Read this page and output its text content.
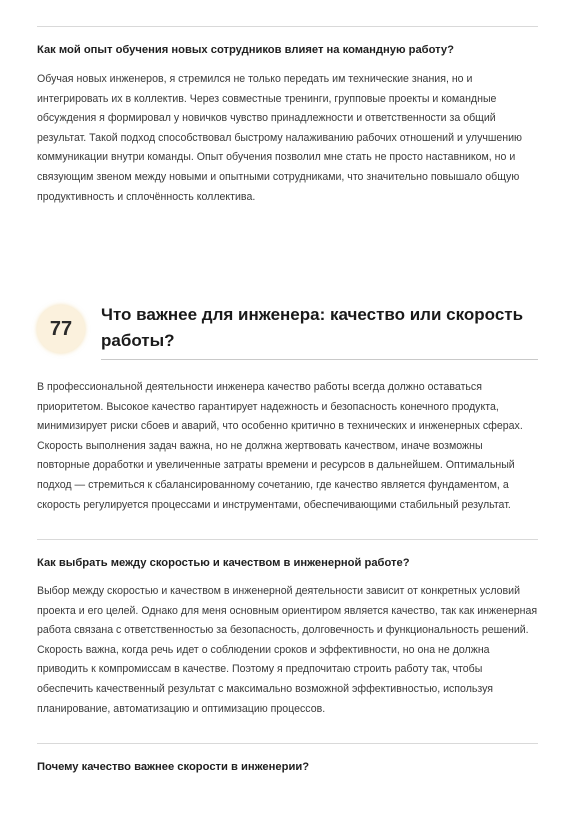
Как мой опыт обучения новых сотрудников влияет на командную работу?

Обучая новых инженеров, я стремился не только передать им технические знания, но и интегрировать их в коллектив. Через совместные тренинги, групповые проекты и командные обсуждения я формировал у новичков чувство принадлежности и ответственности за общий результат. Такой подход способствовал быстрому налаживанию рабочих отношений и улучшению коммуникации внутри команды. Опыт обучения позволил мне стать не просто наставником, но и связующим звеном между новыми и опытными сотрудниками, что значительно повышало общую продуктивность и сплочённость коллектива.

77
Что важнее для инженера: качество или скорость работы?

В профессиональной деятельности инженера качество работы всегда должно оставаться приоритетом. Высокое качество гарантирует надежность и безопасность конечного продукта, минимизирует риски сбоев и аварий, что особенно критично в технических и инженерных сферах. Скорость выполнения задач важна, но не должна жертвовать качеством, иначе возможны повторные доработки и увеличенные затраты времени и ресурсов в дальнейшем. Оптимальный подход — стремиться к сбалансированному сочетанию, где качество является фундаментом, а скорость регулируется процессами и инструментами, обеспечивающими стабильный результат.

Как выбрать между скоростью и качеством в инженерной работе?

Выбор между скоростью и качеством в инженерной деятельности зависит от конкретных условий проекта и его целей. Однако для меня основным ориентиром является качество, так как инженерная работа связана с ответственностью за безопасность, долговечность и функциональность решений. Скорость важна, когда речь идет о соблюдении сроков и эффективности, но она не должна приводить к компромиссам в качестве. Поэтому я предпочитаю строить работу так, чтобы обеспечить качественный результат с максимально возможной эффективностью, используя планирование, автоматизацию и оптимизацию процессов.

Почему качество важнее скорости в инженерии?
